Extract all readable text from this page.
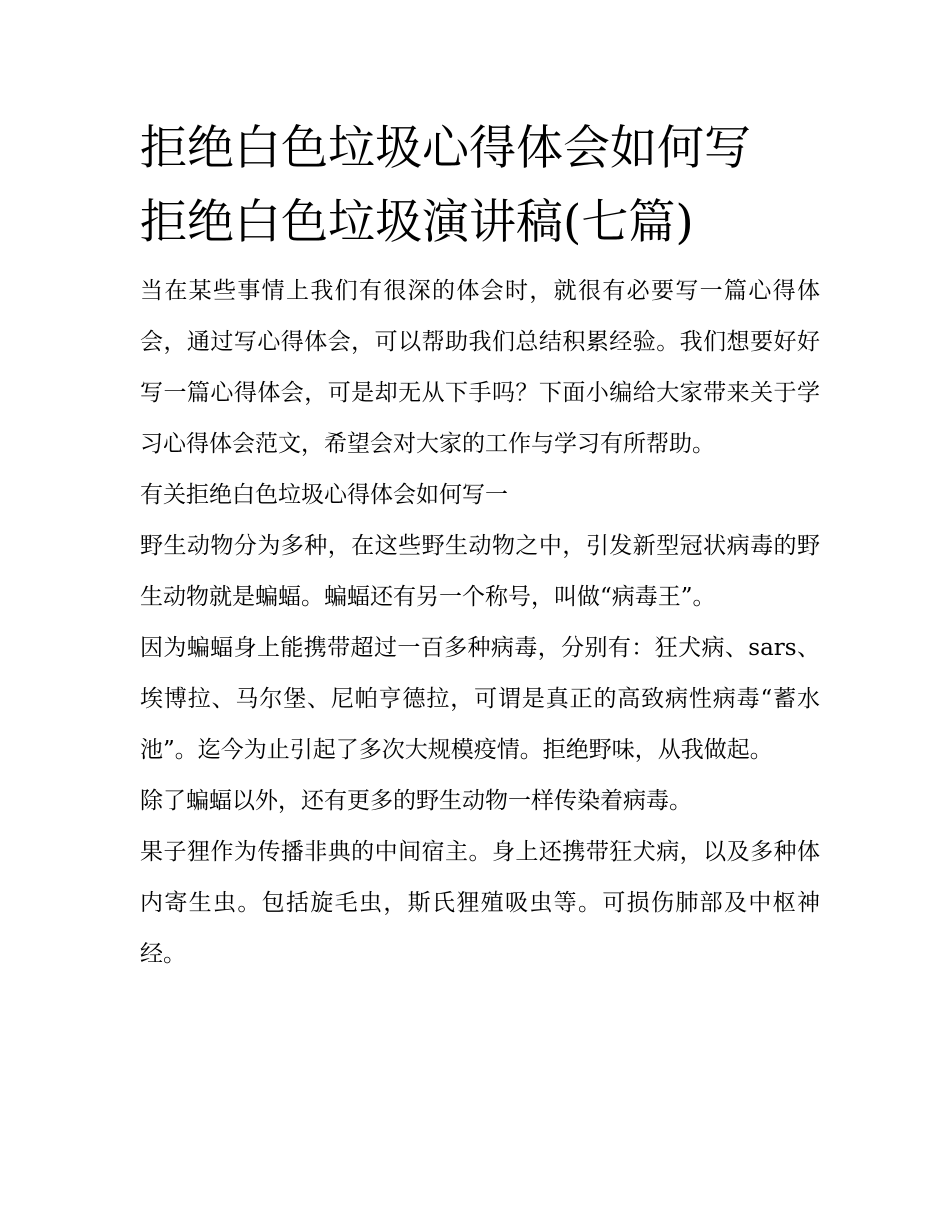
拒绝白色垃圾心得体会如何写
拒绝白色垃圾演讲稿(七篇)

当在某些事情上我们有很深的体会时，就很有必要写一篇心得体会，通过写心得体会，可以帮助我们总结积累经验。我们想要好好写一篇心得体会，可是却无从下手吗？下面小编给大家带来关于学习心得体会范文，希望会对大家的工作与学习有所帮助。

有关拒绝白色垃圾心得体会如何写一

野生动物分为多种，在这些野生动物之中，引发新型冠状病毒的野生动物就是蝙蝠。蝙蝠还有另一个称号，叫做“病毒王”。

因为蝙蝠身上能携带超过一百多种病毒，分别有：狂犬病、sars、埃博拉、马尔堡、尼帕亨德拉，可谓是真正的高致病性病毒“蓄水池”。迄今为止引起了多次大规模疫情。拒绝野味，从我做起。

除了蝙蝠以外，还有更多的野生动物一样传染着病毒。

果子狸作为传播非典的中间宿主。身上还携带狂犬病，以及多种体内寄生虫。包括旋毛虫，斯氏狸殖吸虫等。可损伤肺部及中枢神经。
